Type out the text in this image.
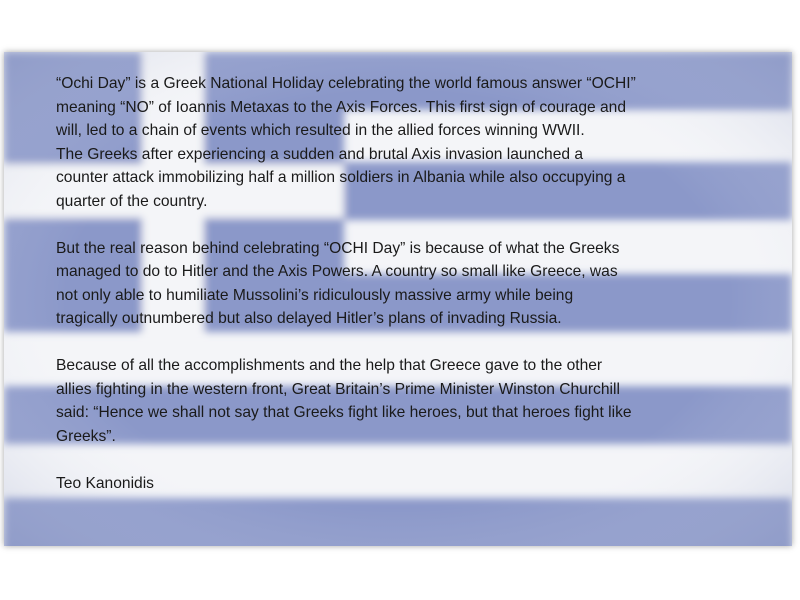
“Ochi Day” is a Greek National Holiday celebrating the world famous answer “OCHI”
meaning “NO” of Ioannis Metaxas to the Axis Forces. This first sign of courage and
will, led to a chain of events which resulted in the allied forces winning WWII.
The Greeks after experiencing a sudden and brutal Axis invasion launched a
counter attack immobilizing half a million soldiers in Albania while also occupying a
quarter of the country.

But the real reason behind celebrating “OCHI Day” is because of what the Greeks
managed to do to Hitler and the Axis Powers. A country so small like Greece, was
not only able to humiliate Mussolini’s ridiculously massive army while being
tragically outnumbered but also delayed Hitler’s plans of invading Russia.

Because of all the accomplishments and the help that Greece gave to the other
allies fighting in the western front, Great Britain’s Prime Minister Winston Churchill
said: “Hence we shall not say that Greeks fight like heroes, but that heroes fight like
Greeks”.

Teo Kanonidis
